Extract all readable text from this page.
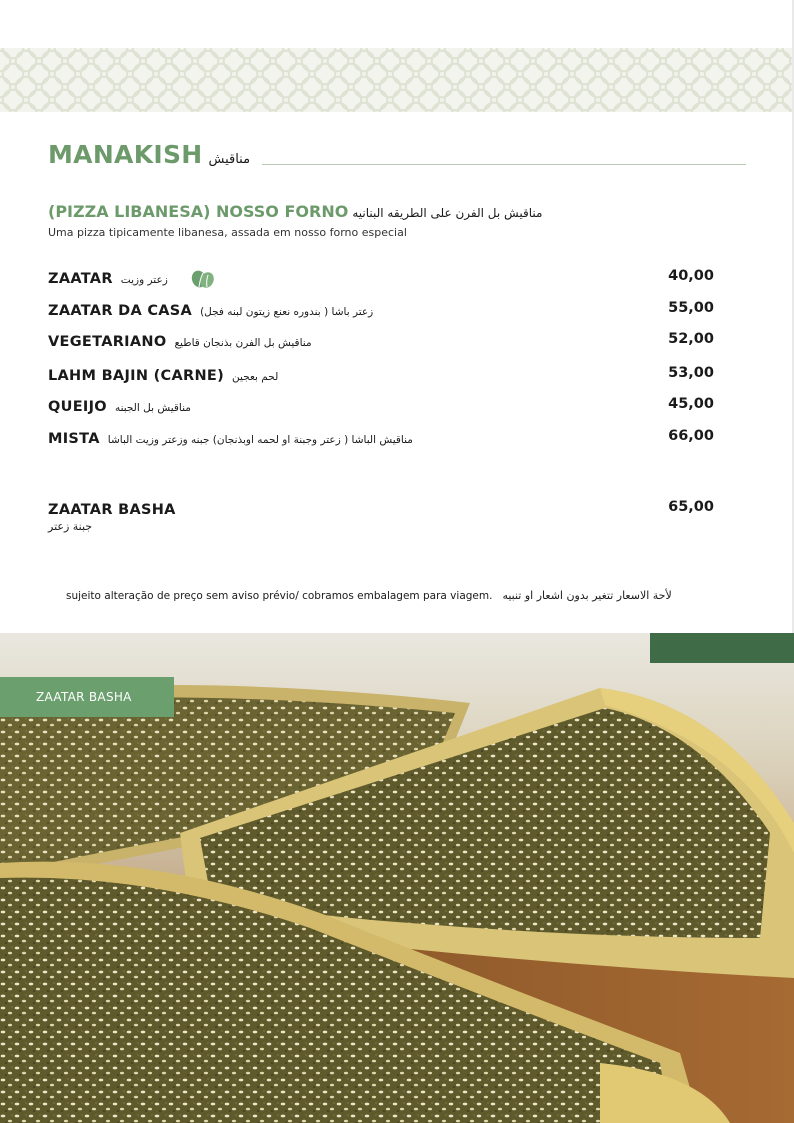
MANAKISH مناقيش
(PIZZA LIBANESA) NOSSO FORNO مناقيش بل الفرن على الطريقه البنانيه
Uma pizza tipicamente libanesa, assada em nosso forno especial
ZAATAR زعتر وزيت	40,00
ZAATAR DA CASA زعتر باشا ( بندوره نعنع زيتون لبنه فجل)	55,00
VEGETARIANO مناقيش بل الفرن بذنجان قاطيع	52,00
LAHM BAJIN (CARNE) لحم بعجين	53,00
QUEIJO مناقيش بل الجبنه	45,00
MISTA مناقيش الباشا ( زعتر وجبنة او لحمه اوبذنجان) جبنه وزعتر وزيت الباشا	66,00
ZAATAR BASHA	65,00
جبنة زعتر
sujeito alteração de preço sem aviso prévio/ cobramos embalagem para viagem. لأحة الاسعار تتغير بدون اشعار او تنبيه
ZAATAR BASHA
